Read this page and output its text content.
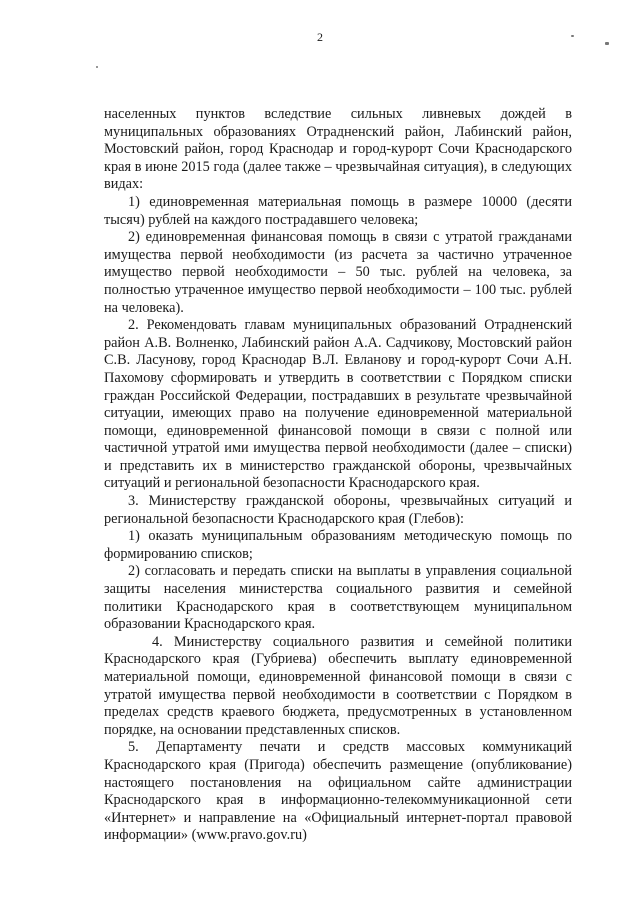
2

населенных пунктов вследствие сильных ливневых дождей в муниципальных образованиях Отрадненский район, Лабинский район, Мостовский район, город Краснодар и город-курорт Сочи Краснодарского края в июне 2015 года (далее также – чрезвычайная ситуация), в следующих видах:

1) единовременная материальная помощь в размере 10000 (десяти тысяч) рублей на каждого пострадавшего человека;

2) единовременная финансовая помощь в связи с утратой гражданами имущества первой необходимости (из расчета за частично утраченное имущество первой необходимости – 50 тыс. рублей на человека, за полностью утраченное имущество первой необходимости – 100 тыс. рублей на человека).

2. Рекомендовать главам муниципальных образований Отрадненский район А.В. Волненко, Лабинский район А.А. Садчикову, Мостовский район С.В. Ласунову, город Краснодар В.Л. Евланову и город-курорт Сочи А.Н. Пахомову сформировать и утвердить в соответствии с Порядком списки граждан Российской Федерации, пострадавших в результате чрезвычайной ситуации, имеющих право на получение единовременной материальной помощи, единовременной финансовой помощи в связи с полной или частичной утратой ими имущества первой необходимости (далее – списки) и представить их в министерство гражданской обороны, чрезвычайных ситуаций и региональной безопасности Краснодарского края.

3. Министерству гражданской обороны, чрезвычайных ситуаций и региональной безопасности Краснодарского края (Глебов):

1) оказать муниципальным образованиям методическую помощь по формированию списков;

2) согласовать и передать списки на выплаты в управления социальной защиты населения министерства социального развития и семейной политики Краснодарского края в соответствующем муниципальном образовании Краснодарского края.

4. Министерству социального развития и семейной политики Краснодарского края (Губриева) обеспечить выплату единовременной материальной помощи, единовременной финансовой помощи в связи с утратой имущества первой необходимости в соответствии с Порядком в пределах средств краевого бюджета, предусмотренных в установленном порядке, на основании представленных списков.

5. Департаменту печати и средств массовых коммуникаций Краснодарского края (Пригода) обеспечить размещение (опубликование) настоящего постановления на официальном сайте администрации Краснодарского края в информационно-телекоммуникационной сети «Интернет» и направление на «Официальный интернет-портал правовой информации» (www.pravo.gov.ru)
